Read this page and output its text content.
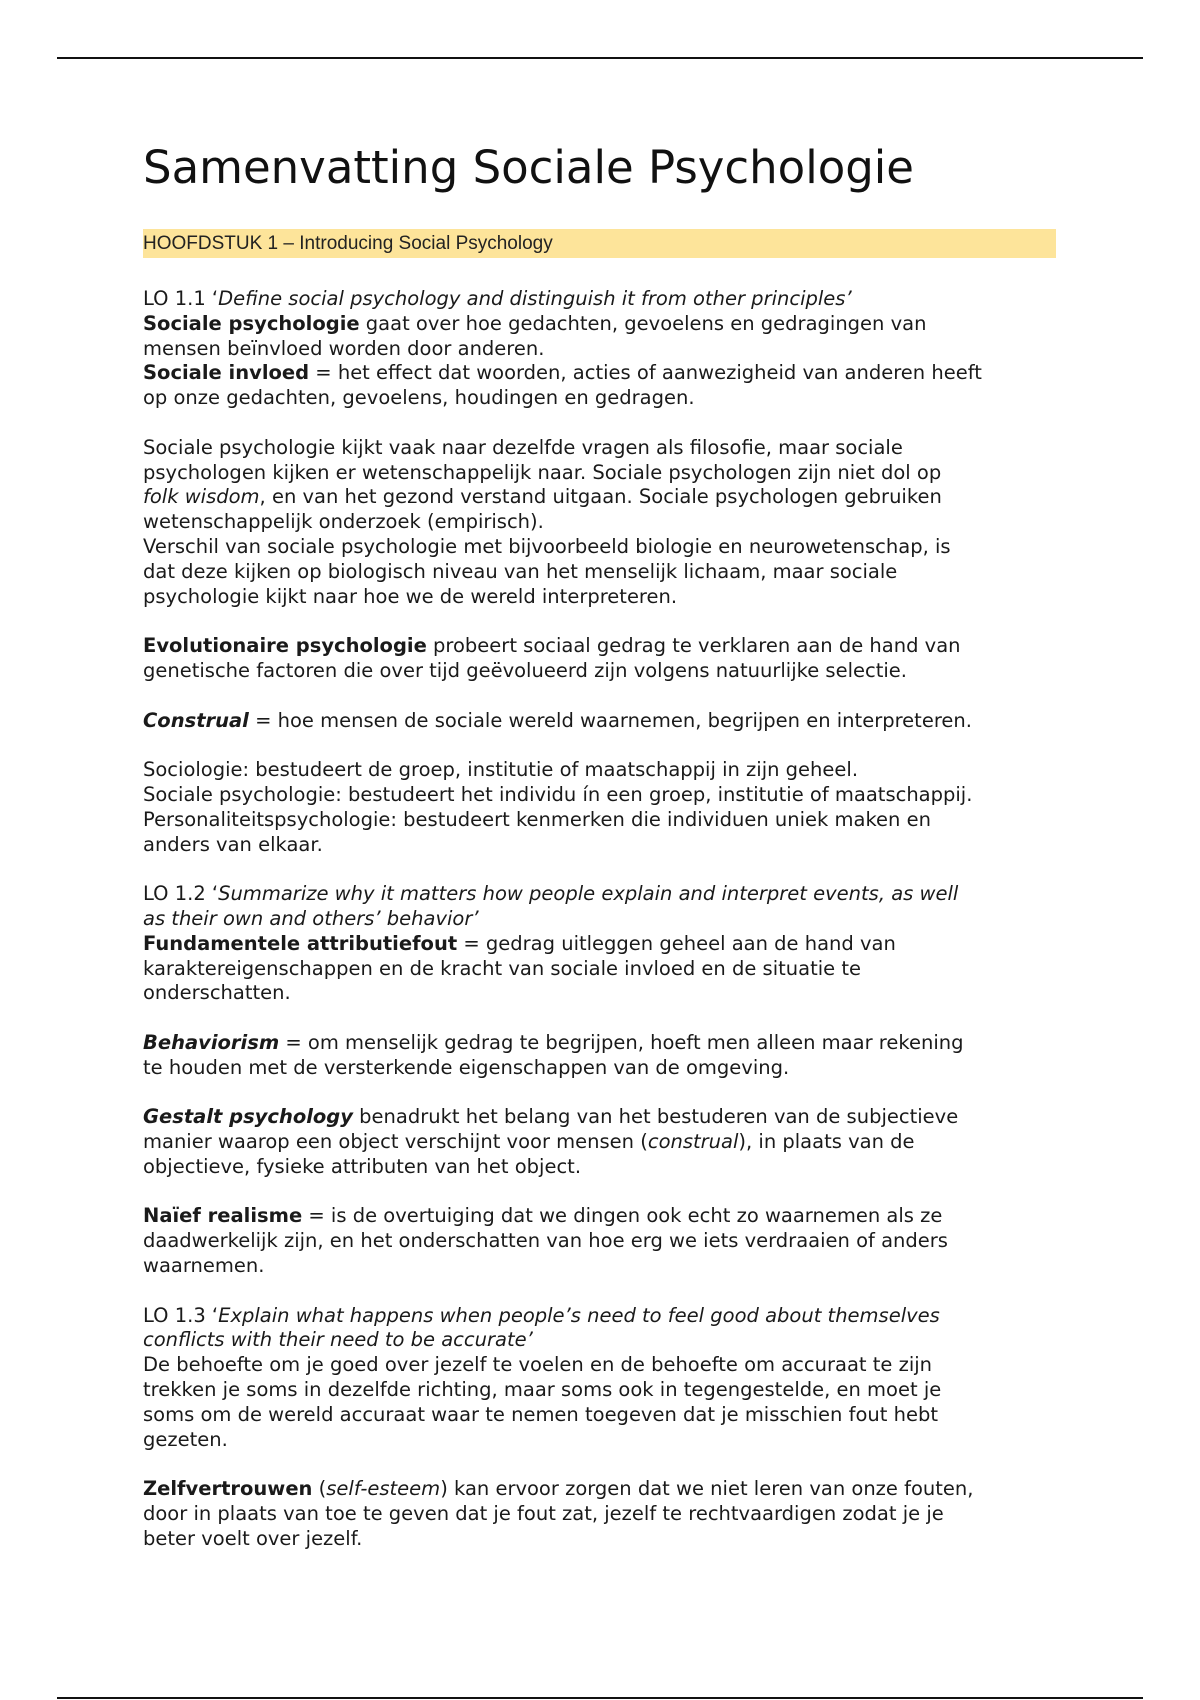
Samenvatting Sociale Psychologie
HOOFDSTUK 1 – Introducing Social Psychology

LO 1.1 ‘Define social psychology and distinguish it from other principles’

Sociale psychologie gaat over hoe gedachten, gevoelens en gedragingen van

mensen beïnvloed worden door anderen.

Sociale invloed = het effect dat woorden, acties of aanwezigheid van anderen heeft

op onze gedachten, gevoelens, houdingen en gedragen.

Sociale psychologie kijkt vaak naar dezelfde vragen als filosofie, maar sociale

psychologen kijken er wetenschappelijk naar. Sociale psychologen zijn niet dol op

folk wisdom, en van het gezond verstand uitgaan. Sociale psychologen gebruiken

wetenschappelijk onderzoek (empirisch).

Verschil van sociale psychologie met bijvoorbeeld biologie en neurowetenschap, is

dat deze kijken op biologisch niveau van het menselijk lichaam, maar sociale

psychologie kijkt naar hoe we de wereld interpreteren.

Evolutionaire psychologie probeert sociaal gedrag te verklaren aan de hand van

genetische factoren die over tijd geëvolueerd zijn volgens natuurlijke selectie.

Construal = hoe mensen de sociale wereld waarnemen, begrijpen en interpreteren.

Sociologie: bestudeert de groep, institutie of maatschappij in zijn geheel.

Sociale psychologie: bestudeert het individu ín een groep, institutie of maatschappij.

Personaliteitspsychologie: bestudeert kenmerken die individuen uniek maken en

anders van elkaar.

LO 1.2 ‘Summarize why it matters how people explain and interpret events, as well

as their own and others’ behavior’

Fundamentele attributiefout = gedrag uitleggen geheel aan de hand van

karaktereigenschappen en de kracht van sociale invloed en de situatie te

onderschatten.

Behaviorism = om menselijk gedrag te begrijpen, hoeft men alleen maar rekening

te houden met de versterkende eigenschappen van de omgeving.

Gestalt psychology benadrukt het belang van het bestuderen van de subjectieve

manier waarop een object verschijnt voor mensen (construal), in plaats van de

objectieve, fysieke attributen van het object.

Naïef realisme = is de overtuiging dat we dingen ook echt zo waarnemen als ze

daadwerkelijk zijn, en het onderschatten van hoe erg we iets verdraaien of anders

waarnemen.

LO 1.3 ‘Explain what happens when people’s need to feel good about themselves

conflicts with their need to be accurate’

De behoefte om je goed over jezelf te voelen en de behoefte om accuraat te zijn

trekken je soms in dezelfde richting, maar soms ook in tegengestelde, en moet je

soms om de wereld accuraat waar te nemen toegeven dat je misschien fout hebt

gezeten.

Zelfvertrouwen (self-esteem) kan ervoor zorgen dat we niet leren van onze fouten,

door in plaats van toe te geven dat je fout zat, jezelf te rechtvaardigen zodat je je

beter voelt over jezelf.
